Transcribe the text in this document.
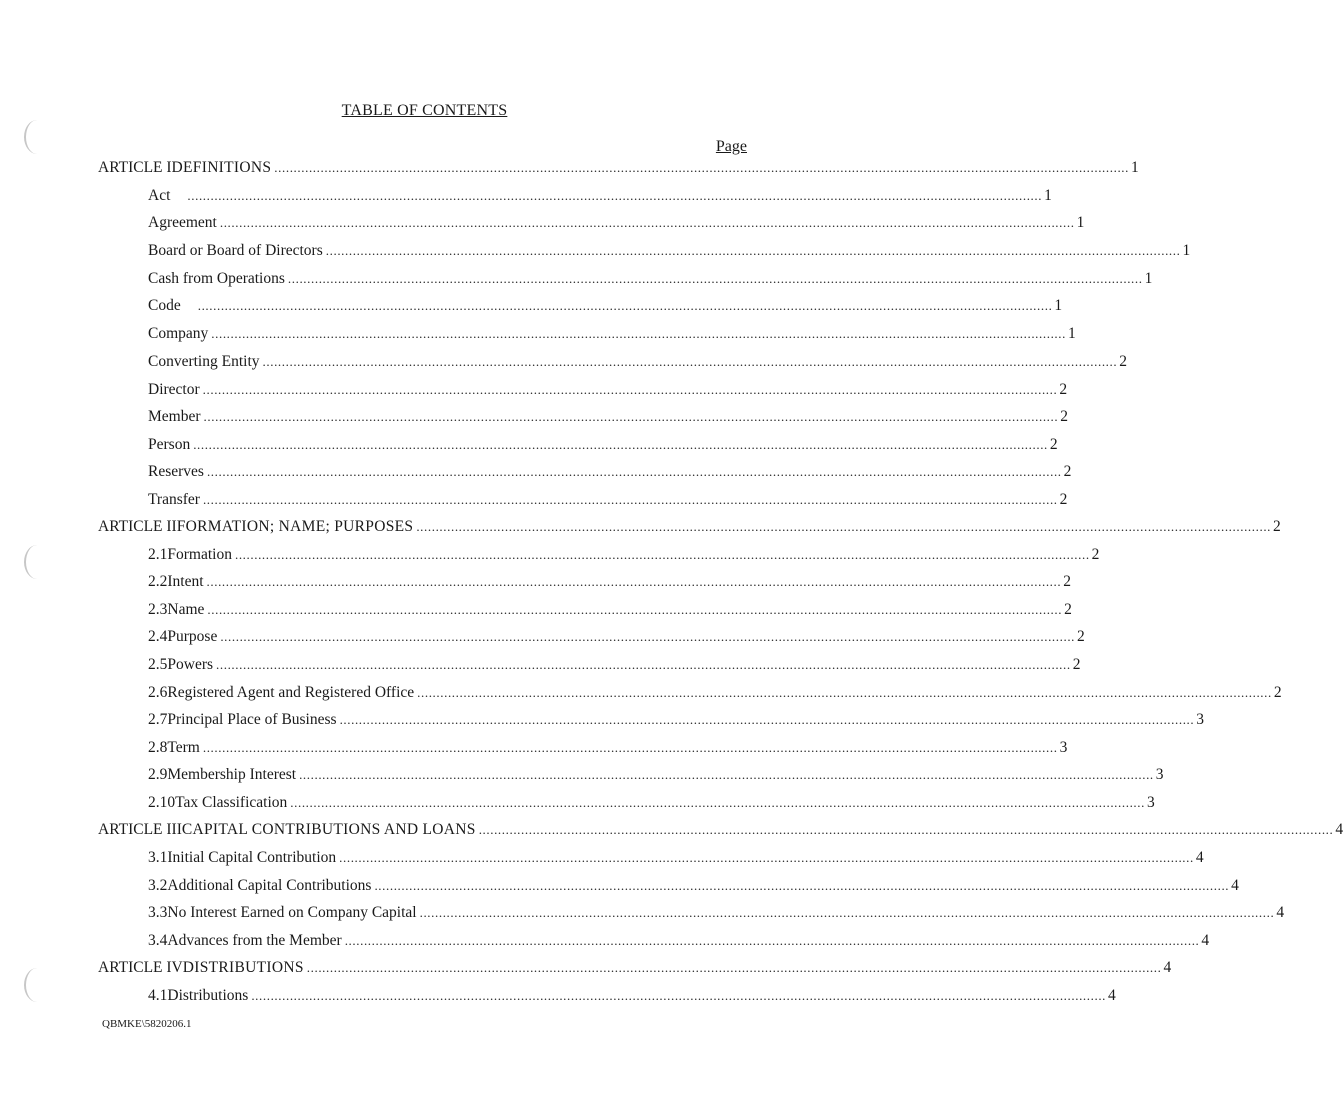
TABLE OF CONTENTS
Page
ARTICLE I DEFINITIONS .............................................................................................................................................................................................................................. 1
Act .............................................................................................................................................................................................................................. 1
Agreement .............................................................................................................................................................................................................................. 1
Board or Board of Directors .............................................................................................................................................................................................................................. 1
Cash from Operations .............................................................................................................................................................................................................................. 1
Code .............................................................................................................................................................................................................................. 1
Company .............................................................................................................................................................................................................................. 1
Converting Entity .............................................................................................................................................................................................................................. 2
Director .............................................................................................................................................................................................................................. 2
Member .............................................................................................................................................................................................................................. 2
Person .............................................................................................................................................................................................................................. 2
Reserves .............................................................................................................................................................................................................................. 2
Transfer .............................................................................................................................................................................................................................. 2
ARTICLE II FORMATION; NAME; PURPOSES .............................................................................................................................................................................................................................. 2
2.1 Formation .............................................................................................................................................................................................................................. 2
2.2 Intent .............................................................................................................................................................................................................................. 2
2.3 Name .............................................................................................................................................................................................................................. 2
2.4 Purpose .............................................................................................................................................................................................................................. 2
2.5 Powers .............................................................................................................................................................................................................................. 2
2.6 Registered Agent and Registered Office .............................................................................................................................................................................................................................. 2
2.7 Principal Place of Business .............................................................................................................................................................................................................................. 3
2.8 Term .............................................................................................................................................................................................................................. 3
2.9 Membership Interest .............................................................................................................................................................................................................................. 3
2.10 Tax Classification .............................................................................................................................................................................................................................. 3
ARTICLE III CAPITAL CONTRIBUTIONS AND LOANS .............................................................................................................................................................................................................................. 4
3.1 Initial Capital Contribution .............................................................................................................................................................................................................................. 4
3.2 Additional Capital Contributions .............................................................................................................................................................................................................................. 4
3.3 No Interest Earned on Company Capital .............................................................................................................................................................................................................................. 4
3.4 Advances from the Member .............................................................................................................................................................................................................................. 4
ARTICLE IV DISTRIBUTIONS .............................................................................................................................................................................................................................. 4
4.1 Distributions .............................................................................................................................................................................................................................. 4
QBMKE\5820206.1
